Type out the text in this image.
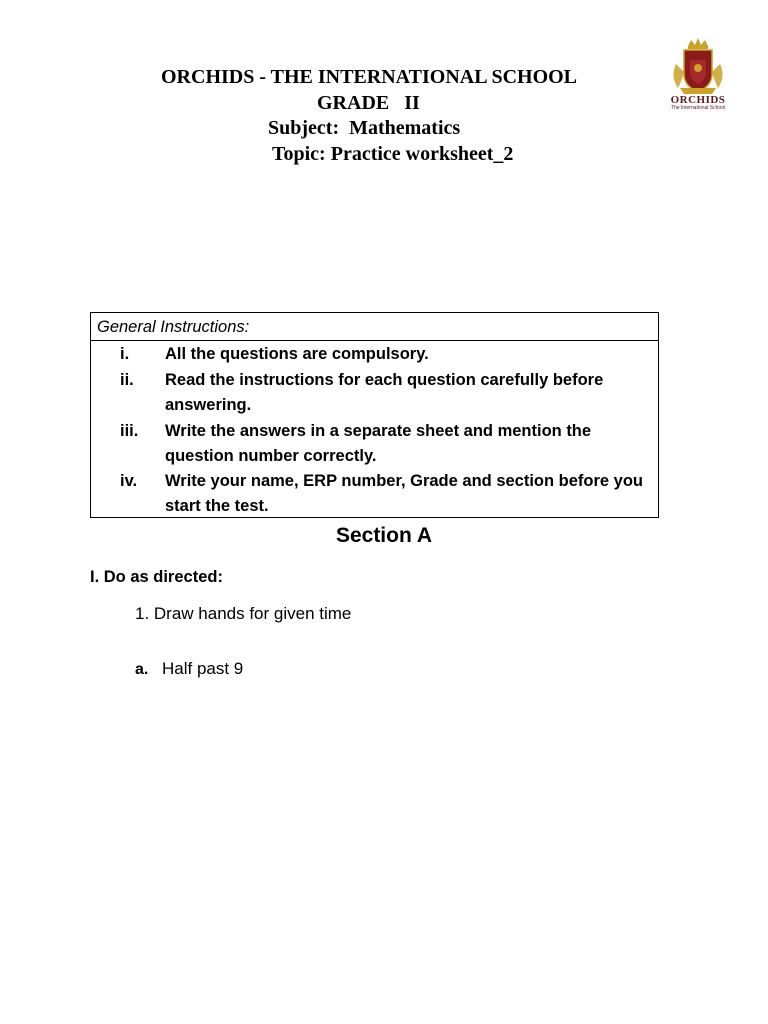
ORCHIDS - THE INTERNATIONAL SCHOOL
GRADE   II
Subject:  Mathematics
Topic: Practice worksheet_2
ORCHIDS
The International School
General Instructions:
i. All the questions are compulsory.
ii. Read the instructions for each question carefully before answering.
iii. Write the answers in a separate sheet and mention the question number correctly.
iv. Write your name, ERP number, Grade and section before you start the test.
Section A
I. Do as directed:
1. Draw hands for given time
a. Half past 9
